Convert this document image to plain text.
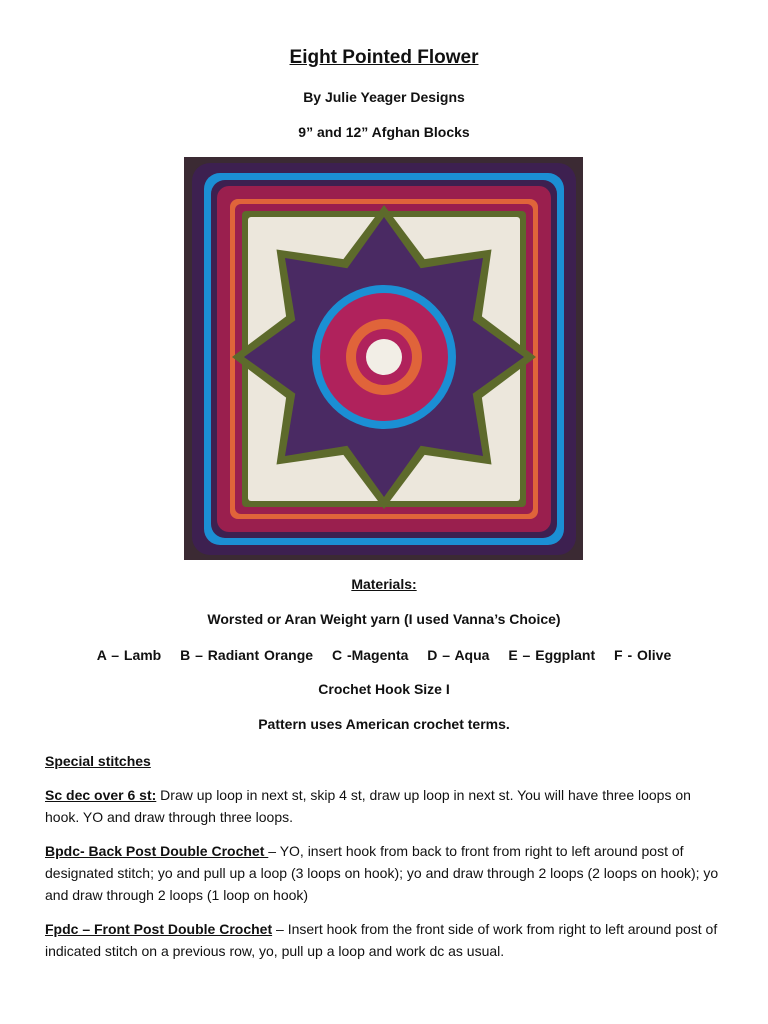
Eight Pointed Flower
By Julie Yeager Designs
9” and 12” Afghan Blocks
Materials:
Worsted or Aran Weight yarn (I used Vanna’s Choice)
A – Lamb B – Radiant Orange C -Magenta D – Aqua E – Eggplant F - Olive
Crochet Hook Size I
Pattern uses American crochet terms.
Special stitches
Sc dec over 6 st: Draw up loop in next st, skip 4 st, draw up loop in next st. You will have three loops on hook. YO and draw through three loops.
Bpdc- Back Post Double Crochet – YO, insert hook from back to front from right to left around post of designated stitch; yo and pull up a loop (3 loops on hook); yo and draw through 2 loops (2 loops on hook); yo and draw through 2 loops (1 loop on hook)
Fpdc – Front Post Double Crochet – Insert hook from the front side of work from right to left around post of indicated stitch on a previous row, yo, pull up a loop and work dc as usual.
